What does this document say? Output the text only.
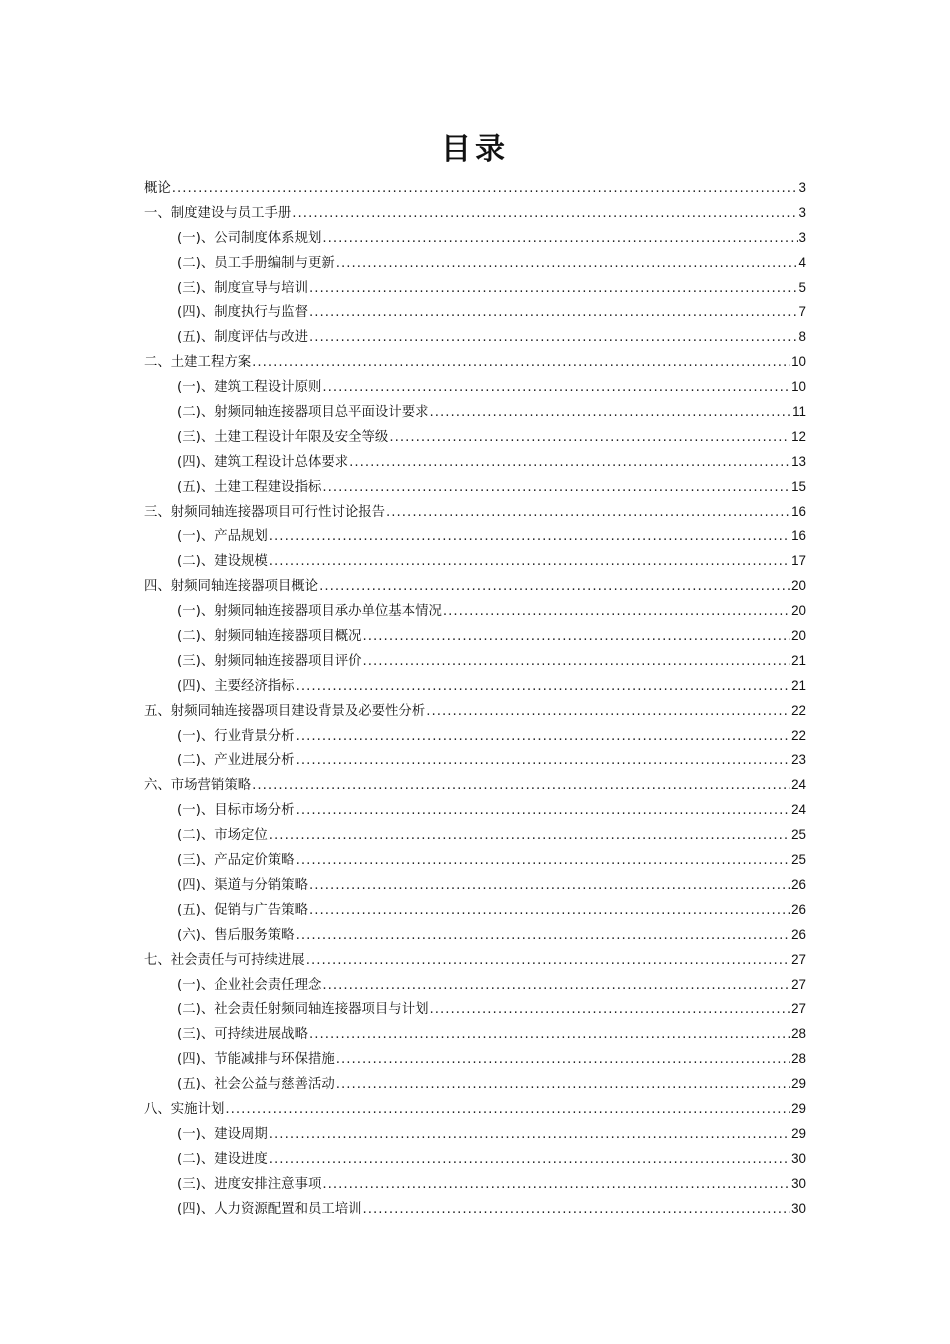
目录
概论 .....	3
一、制度建设与员工手册 .....	3
(一)、公司制度体系规划 .....	3
(二)、员工手册编制与更新 .....	4
(三)、制度宣导与培训 .....	5
(四)、制度执行与监督 .....	7
(五)、制度评估与改进 .....	8
二、土建工程方案 .....	10
(一)、建筑工程设计原则 .....	10
(二)、射频同轴连接器项目总平面设计要求 .....	11
(三)、土建工程设计年限及安全等级 .....	12
(四)、建筑工程设计总体要求 .....	13
(五)、土建工程建设指标 .....	15
三、射频同轴连接器项目可行性讨论报告 .....	16
(一)、产品规划 .....	16
(二)、建设规模 .....	17
四、射频同轴连接器项目概论 .....	20
(一)、射频同轴连接器项目承办单位基本情况 .....	20
(二)、射频同轴连接器项目概况 .....	20
(三)、射频同轴连接器项目评价 .....	21
(四)、主要经济指标 .....	21
五、射频同轴连接器项目建设背景及必要性分析 .....	22
(一)、行业背景分析 .....	22
(二)、产业进展分析 .....	23
六、市场营销策略 .....	24
(一)、目标市场分析 .....	24
(二)、市场定位 .....	25
(三)、产品定价策略 .....	25
(四)、渠道与分销策略 .....	26
(五)、促销与广告策略 .....	26
(六)、售后服务策略 .....	26
七、社会责任与可持续进展 .....	27
(一)、企业社会责任理念 .....	27
(二)、社会责任射频同轴连接器项目与计划 .....	27
(三)、可持续进展战略 .....	28
(四)、节能减排与环保措施 .....	28
(五)、社会公益与慈善活动 .....	29
八、实施计划 .....	29
(一)、建设周期 .....	29
(二)、建设进度 .....	30
(三)、进度安排注意事项 .....	30
(四)、人力资源配置和员工培训 .....	30
